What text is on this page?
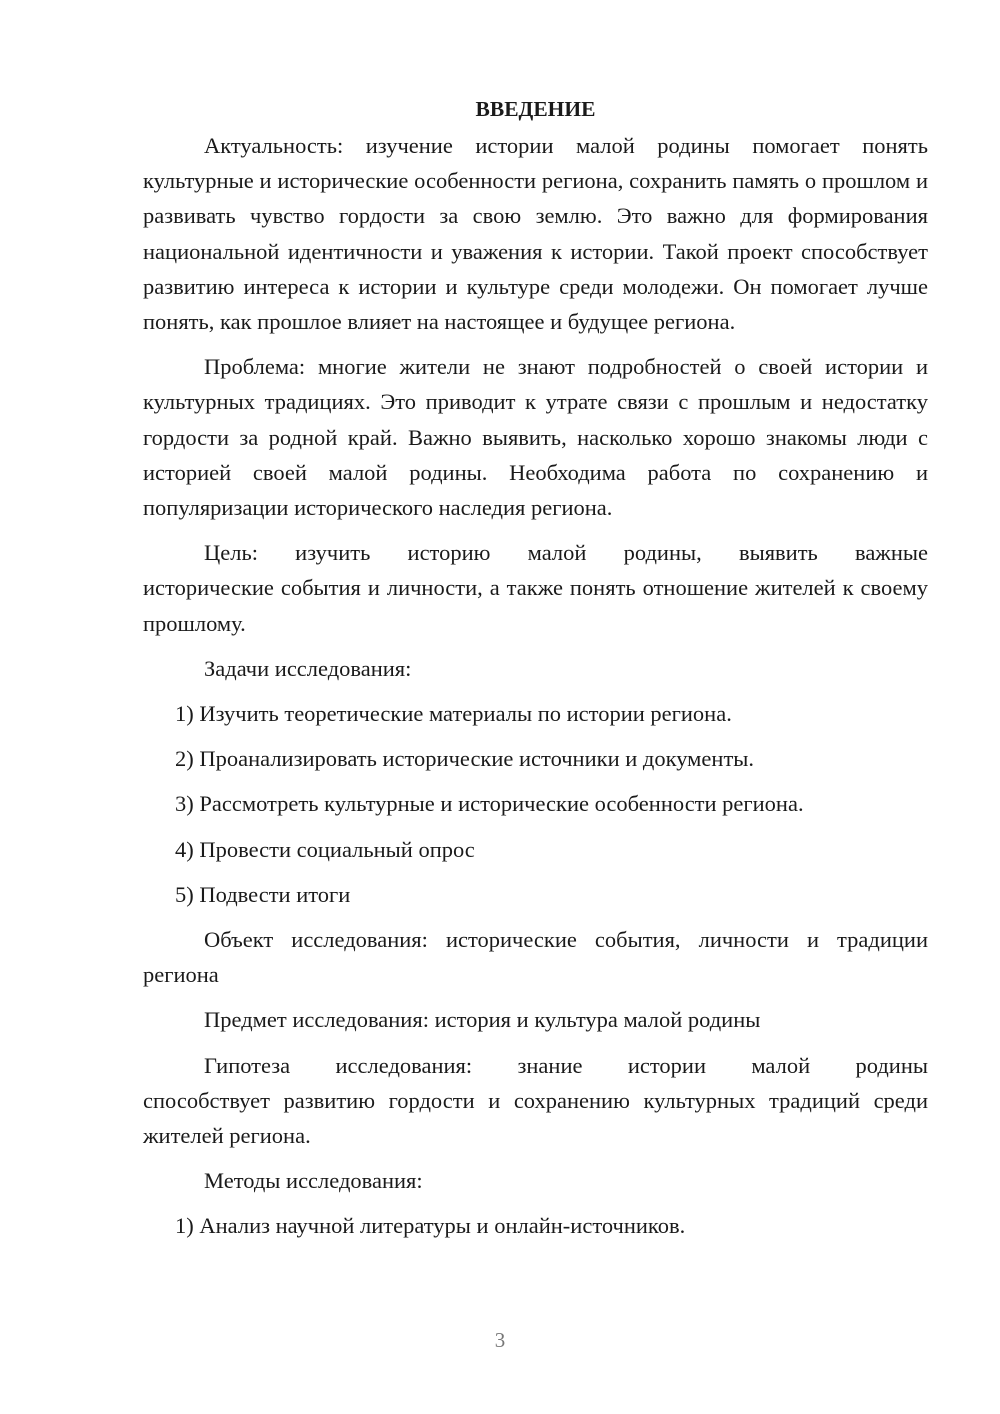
ВВЕДЕНИЕ

Актуальность: изучение истории малой родины помогает понять культурные и исторические особенности региона, сохранить память о прошлом и развивать чувство гордости за свою землю. Это важно для формирования национальной идентичности и уважения к истории. Такой проект способствует развитию интереса к истории и культуре среди молодежи. Он помогает лучше понять, как прошлое влияет на настоящее и будущее региона.

Проблема: многие жители не знают подробностей о своей истории и культурных традициях. Это приводит к утрате связи с прошлым и недостатку гордости за родной край. Важно выявить, насколько хорошо знакомы люди с историей своей малой родины. Необходима работа по сохранению и популяризации исторического наследия региона.

Цель: изучить историю малой родины, выявить важные

исторические события и личности, а также понять отношение жителей к своему прошлому.

Задачи исследования:

1) Изучить теоретические материалы по истории региона.

2) Проанализировать исторические источники и документы.

3) Рассмотреть культурные и исторические особенности региона.

4) Провести социальный опрос

5) Подвести итоги

Объект исследования: исторические события, личности и традиции региона

Предмет исследования: история и культура малой родины

Гипотеза исследования: знание истории малой родины

способствует развитию гордости и сохранению культурных традиций среди жителей региона.

Методы исследования:

1) Анализ научной литературы и онлайн-источников.

3
